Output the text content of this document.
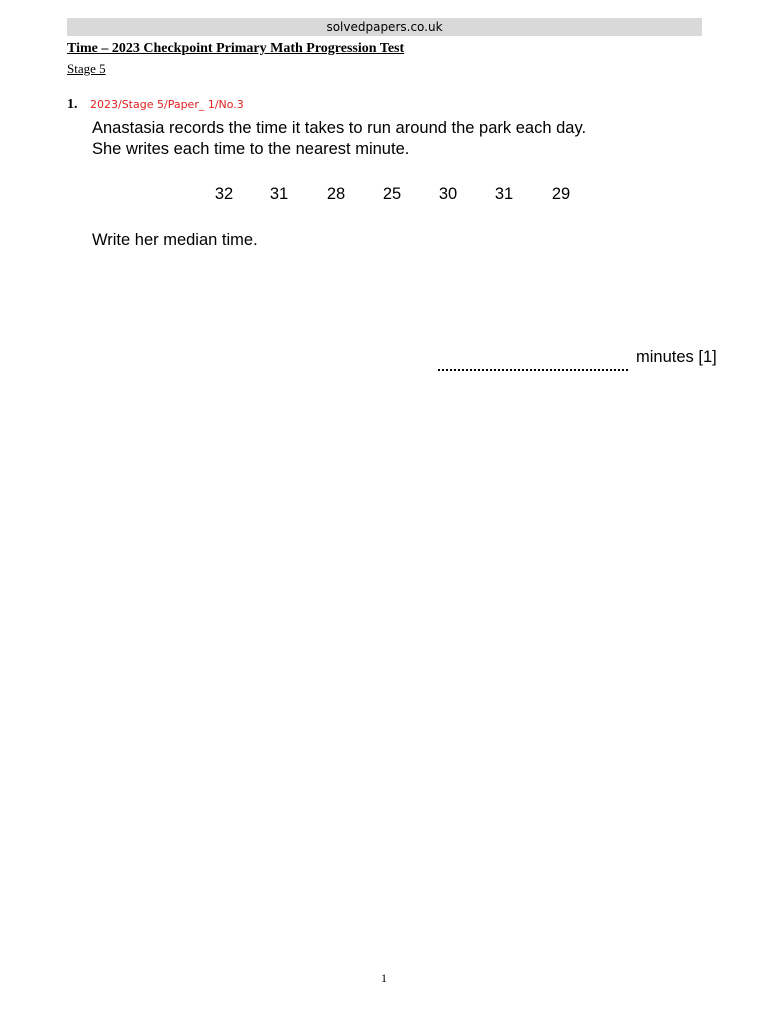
solvedpapers.co.uk
Time – 2023 Checkpoint Primary Math Progression Test
Stage 5
1. 2023/Stage 5/Paper_ 1/No.3
Anastasia records the time it takes to run around the park each day.
She writes each time to the nearest minute.
32	31	28	25	30	31	29
Write her median time.
minutes [1]
1
